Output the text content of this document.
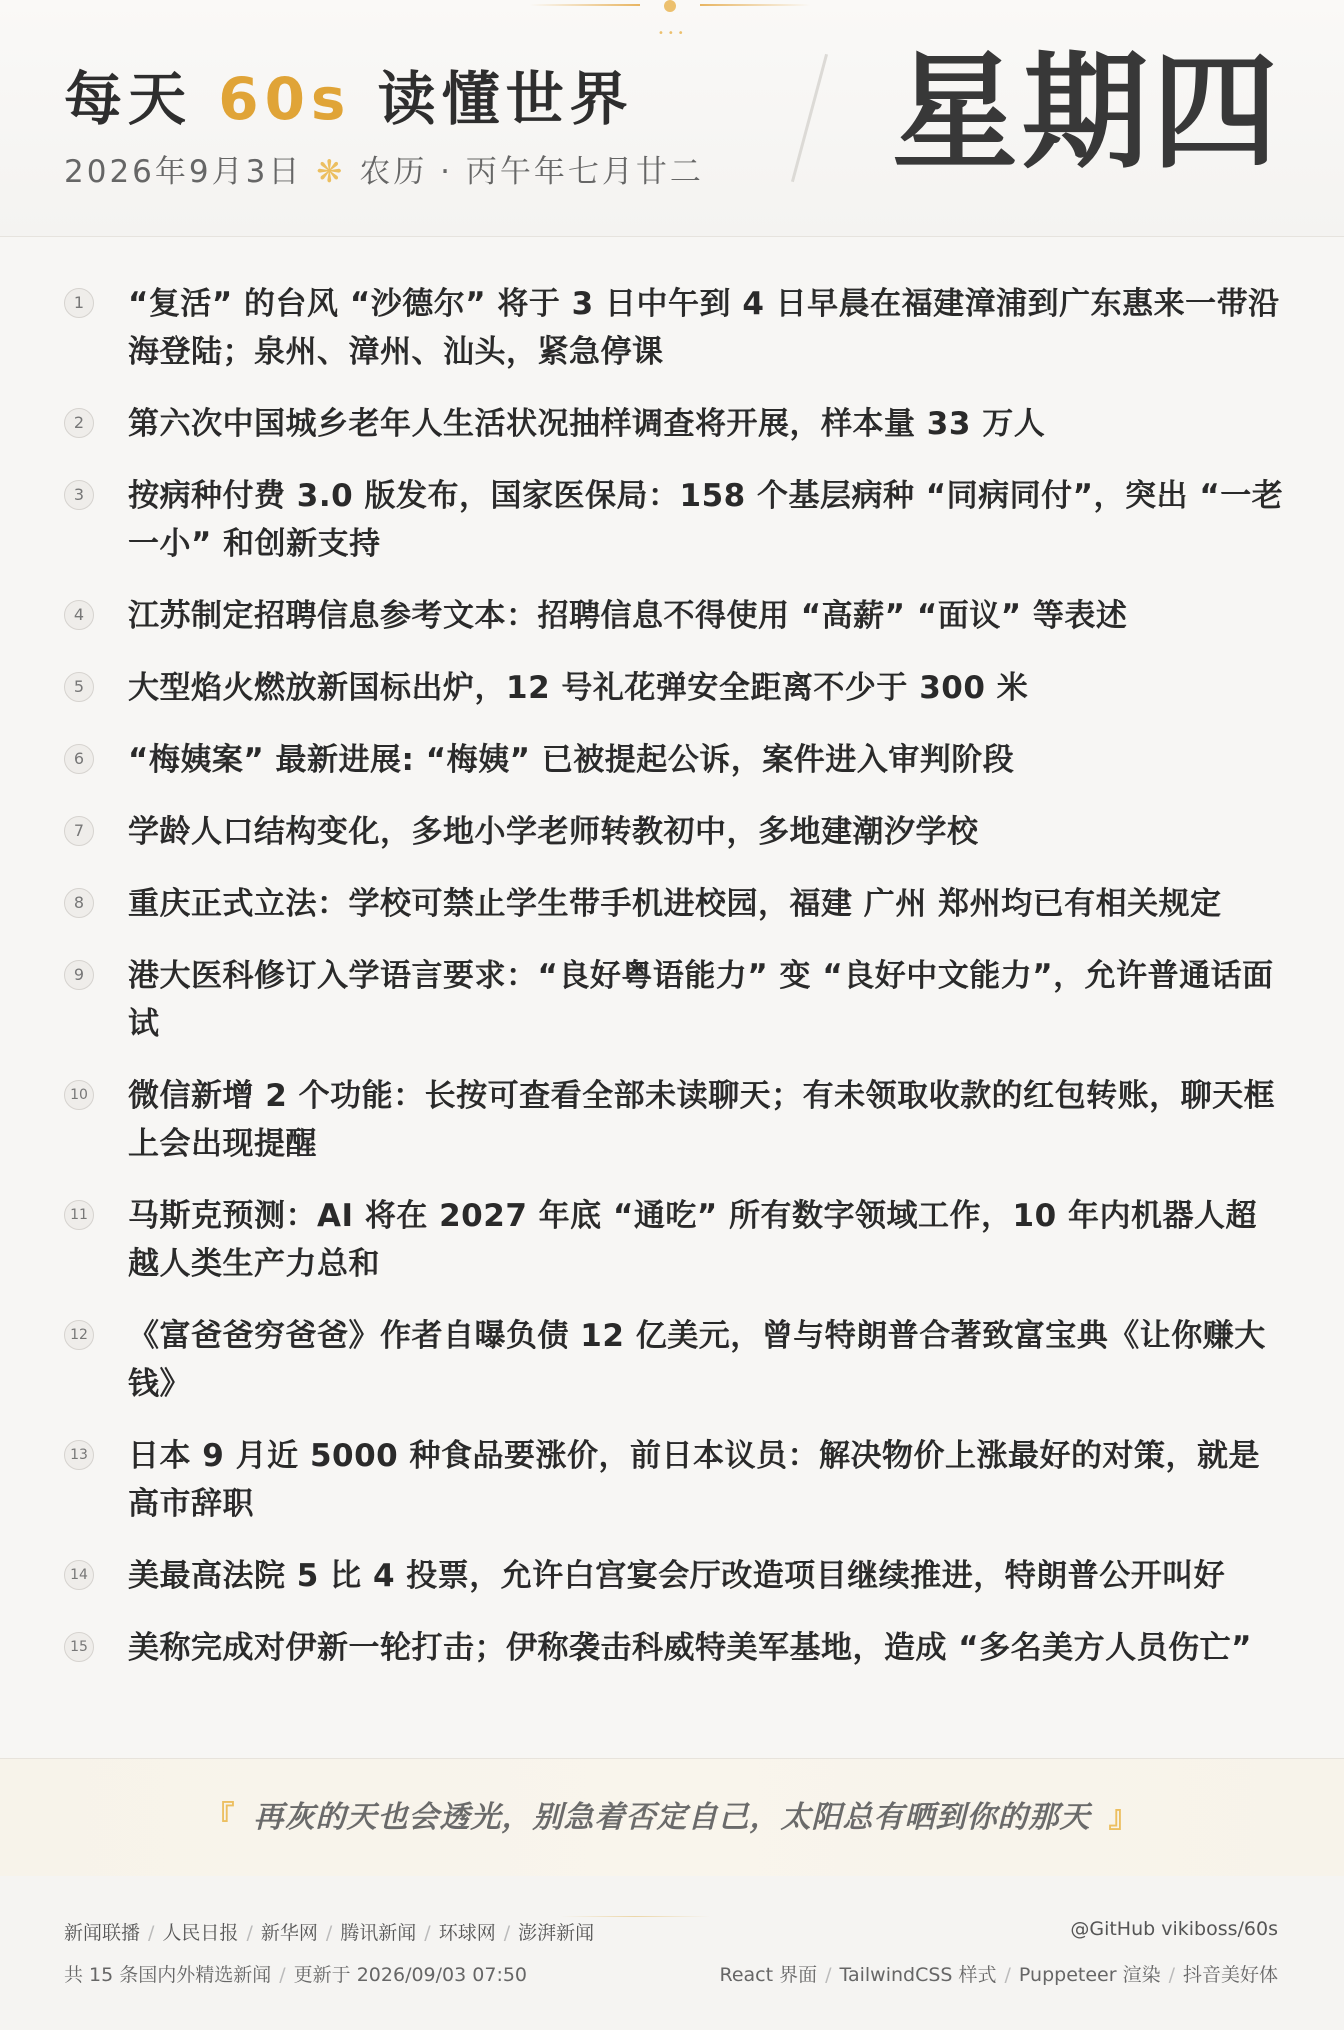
•••
每天 60s 读懂世界
2026年9月3日 ❋ 农历 · 丙午年七月廿二 星期四
1	“复活” 的台风 “沙德尔” 将于 3 日中午到 4 日早晨在福建漳浦到广东惠来一带沿海登陆；泉州、漳州、汕头，紧急停课
2	第六次中国城乡老年人生活状况抽样调查将开展，样本量 33 万人
3	按病种付费 3.0 版发布，国家医保局：158 个基层病种 “同病同付”，突出 “一老一小” 和创新支持
4	江苏制定招聘信息参考文本：招聘信息不得使用 “高薪” “面议” 等表述
5	大型焰火燃放新国标出炉，12 号礼花弹安全距离不少于 300 米
6	“梅姨案” 最新进展: “梅姨” 已被提起公诉，案件进入审判阶段
7	学龄人口结构变化，多地小学老师转教初中，多地建潮汐学校
8	重庆正式立法：学校可禁止学生带手机进校园，福建 广州 郑州均已有相关规定
9	港大医科修订入学语言要求：“良好粤语能力” 变 “良好中文能力”，允许普通话面试
10 微信新增 2 个功能：长按可查看全部未读聊天；有未领取收款的红包转账，聊天框上会出现提醒
11 马斯克预测：AI 将在 2027 年底 “通吃” 所有数字领域工作，10 年内机器人超越人类生产力总和
12 《富爸爸穷爸爸》作者自曝负债 12 亿美元，曾与特朗普合著致富宝典《让你赚大钱》
13 日本 9 月近 5000 种食品要涨价，前日本议员：解决物价上涨最好的对策，就是高市辞职
14 美最高法院 5 比 4 投票，允许白宫宴会厅改造项目继续推进，特朗普公开叫好
15 美称完成对伊新一轮打击；伊称袭击科威特美军基地，造成 “多名美方人员伤亡”
『 再灰的天也会透光，别急着否定自己，太阳总有晒到你的那天 』
新闻联播 / 人民日报 / 新华网 / 腾讯新闻 / 环球网 / 澎湃新闻	@GitHub vikiboss/60s
共 15 条国内外精选新闻 / 更新于 2026/09/03 07:50	React 界面 / TailwindCSS 样式 / Puppeteer 渲染 / 抖音美好体
